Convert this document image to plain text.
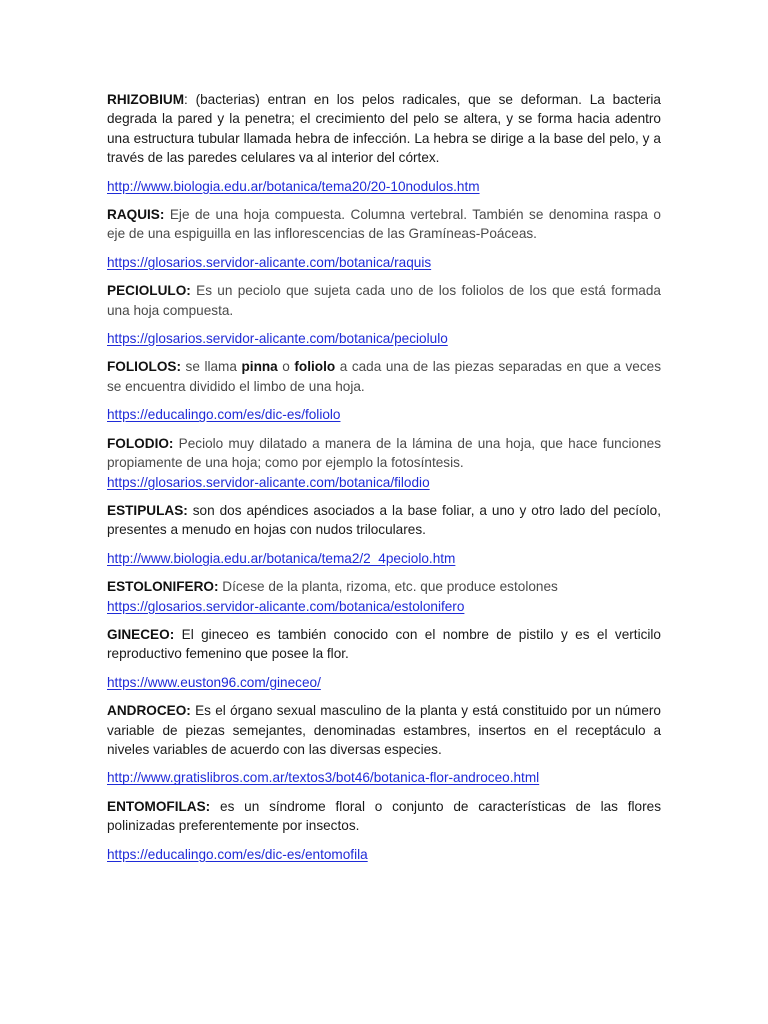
RHIZOBIUM: (bacterias) entran en los pelos radicales, que se deforman. La bacteria degrada la pared y la penetra; el crecimiento del pelo se altera, y se forma hacia adentro una estructura tubular llamada hebra de infección. La hebra se dirige a la base del pelo, y a través de las paredes celulares va al interior del córtex.

http://www.biologia.edu.ar/botanica/tema20/20-10nodulos.htm

RAQUIS: Eje de una hoja compuesta. Columna vertebral. También se denomina raspa o eje de una espiguilla en las inflorescencias de las Gramíneas-Poáceas.

https://glosarios.servidor-alicante.com/botanica/raquis

PECIOLULO: Es un peciolo que sujeta cada uno de los foliolos de los que está formada una hoja compuesta.

https://glosarios.servidor-alicante.com/botanica/peciolulo

FOLIOLOS: se llama pinna o foliolo a cada una de las piezas separadas en que a veces se encuentra dividido el limbo de una hoja.

https://educalingo.com/es/dic-es/foliolo

FOLODIO: Peciolo muy dilatado a manera de la lámina de una hoja, que hace funciones propiamente de una hoja; como por ejemplo la fotosíntesis.

https://glosarios.servidor-alicante.com/botanica/filodio

ESTIPULAS: son dos apéndices asociados a la base foliar, a uno y otro lado del pecíolo, presentes a menudo en hojas con nudos triloculares.

http://www.biologia.edu.ar/botanica/tema2/2_4peciolo.htm

ESTOLONIFERO: Dícese de la planta, rizoma, etc. que produce estolones

https://glosarios.servidor-alicante.com/botanica/estolonifero

GINECEO: El gineceo es también conocido con el nombre de pistilo y es el verticilo reproductivo femenino que posee la flor.

https://www.euston96.com/gineceo/

ANDROCEO: Es el órgano sexual masculino de la planta y está constituido por un número variable de piezas semejantes, denominadas estambres, insertos en el receptáculo a niveles variables de acuerdo con las diversas especies.

http://www.gratislibros.com.ar/textos3/bot46/botanica-flor-androceo.html

ENTOMOFILAS: es un síndrome floral o conjunto de características de las flores polinizadas preferentemente por insectos.

https://educalingo.com/es/dic-es/entomofila
